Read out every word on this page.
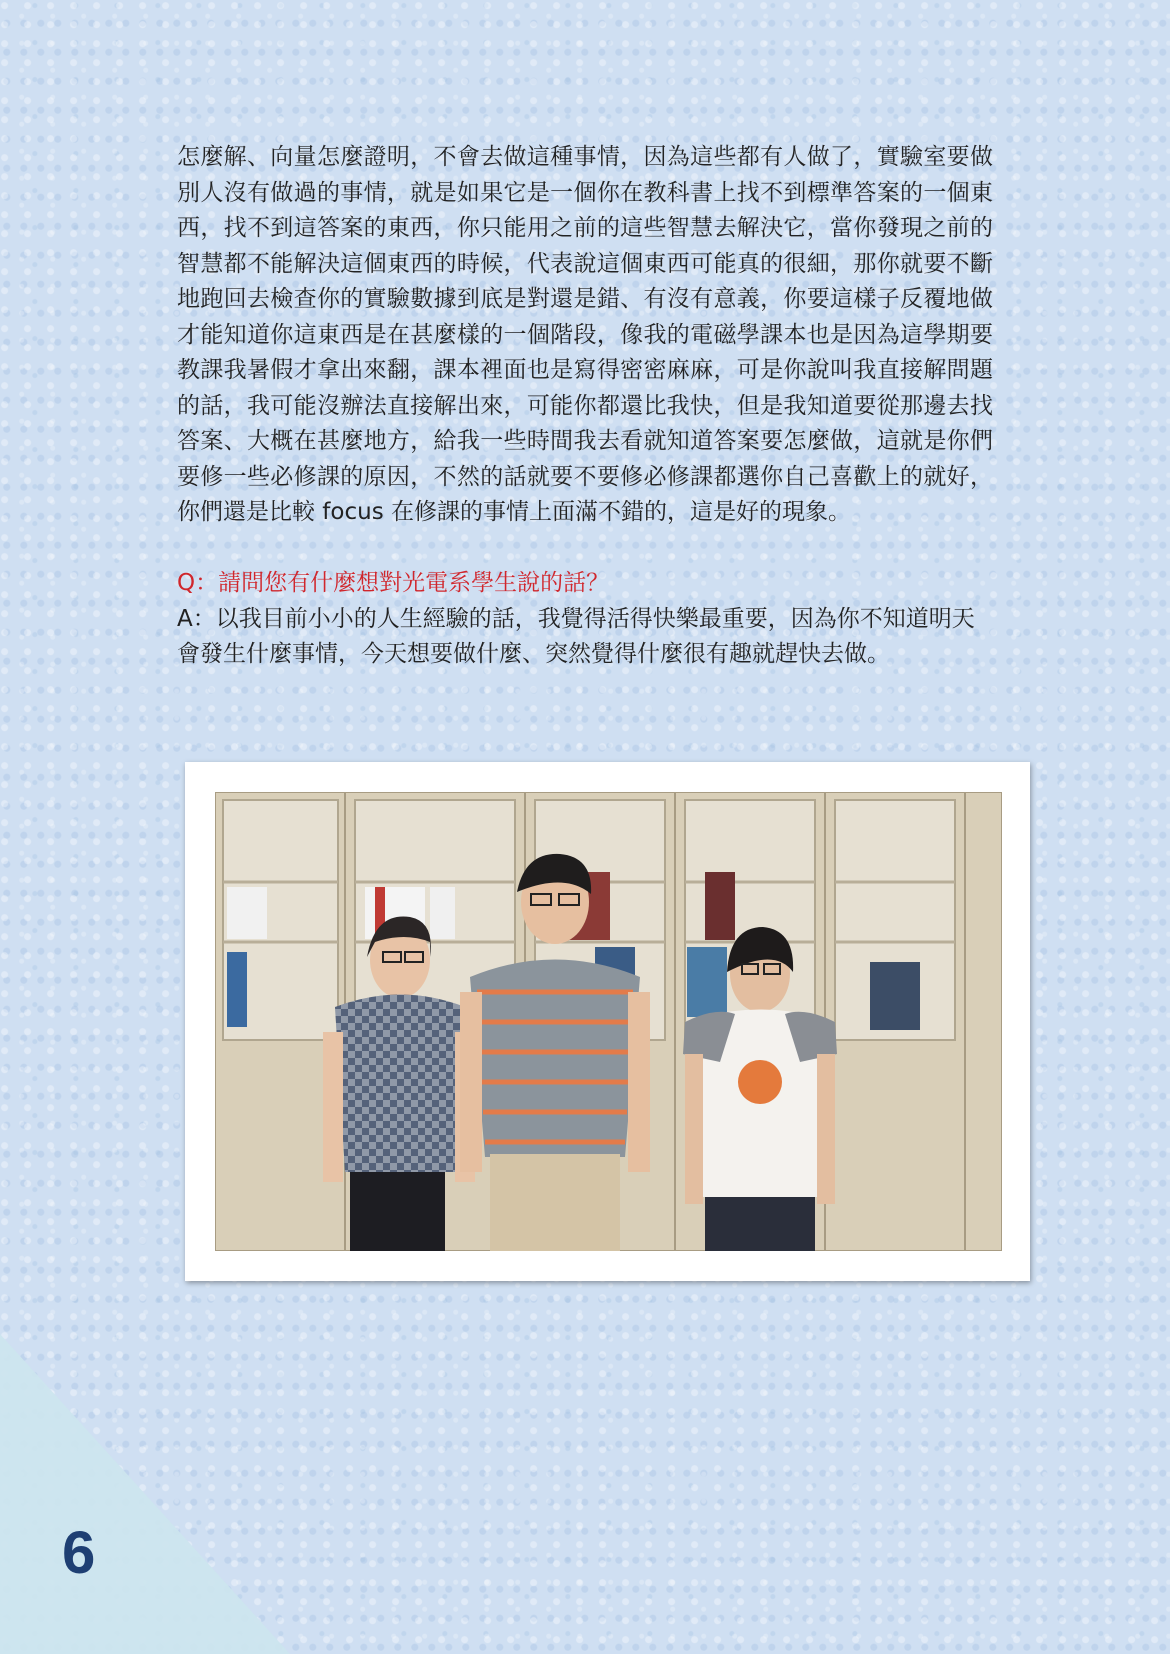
怎麼解、向量怎麼證明，不會去做這種事情，因為這些都有人做了，實驗室要做別人沒有做過的事情，就是如果它是一個你在教科書上找不到標準答案的一個東西，找不到這答案的東西，你只能用之前的這些智慧去解決它，當你發現之前的智慧都不能解決這個東西的時候，代表說這個東西可能真的很細，那你就要不斷地跑回去檢查你的實驗數據到底是對還是錯、有沒有意義，你要這樣子反覆地做才能知道你這東西是在甚麼樣的一個階段，像我的電磁學課本也是因為這學期要教課我暑假才拿出來翻，課本裡面也是寫得密密麻麻，可是你說叫我直接解問題的話，我可能沒辦法直接解出來，可能你都還比我快，但是我知道要從那邊去找答案、大概在甚麼地方，給我一些時間我去看就知道答案要怎麼做，這就是你們要修一些必修課的原因，不然的話就要不要修必修課都選你自己喜歡上的就好，你們還是比較 focus 在修課的事情上面滿不錯的，這是好的現象。

Q：請問您有什麼想對光電系學生說的話？

A：以我目前小小的人生經驗的話，我覺得活得快樂最重要，因為你不知道明天會發生什麼事情，今天想要做什麼、突然覺得什麼很有趣就趕快去做。

6
